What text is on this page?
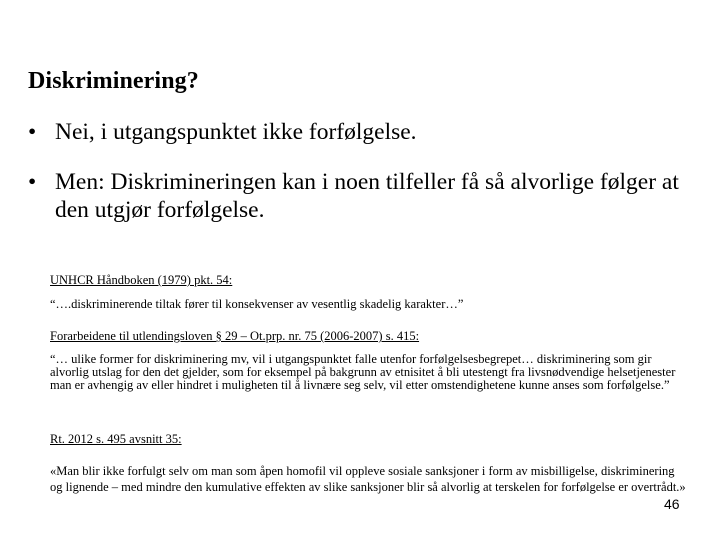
Diskriminering?
• Nei, i utgangspunktet ikke forfølgelse.
• Men: Diskrimineringen kan i noen tilfeller få så alvorlige følger at den utgjør forfølgelse.
UNHCR Håndboken (1979) pkt. 54:
“….diskriminerende tiltak fører til konsekvenser av vesentlig skadelig karakter…”
Forarbeidene til utlendingsloven § 29 – Ot.prp. nr. 75 (2006-2007) s. 415:
“… ulike former for diskriminering mv, vil i utgangspunktet falle utenfor forfølgelsesbegrepet… diskriminering som gir alvorlig utslag for den det gjelder, som for eksempel på bakgrunn av etnisitet å bli utestengt fra livsnødvendige helsetjenester man er avhengig av eller hindret i muligheten til å livnære seg selv, vil etter omstendighetene kunne anses som forfølgelse.”
Rt. 2012 s. 495 avsnitt 35:
«Man blir ikke forfulgt selv om man som åpen homofil vil oppleve sosiale sanksjoner i form av misbilligelse, diskriminering og lignende – med mindre den kumulative effekten av slike sanksjoner blir så alvorlig at terskelen for forfølgelse er overtrådt.»
46
